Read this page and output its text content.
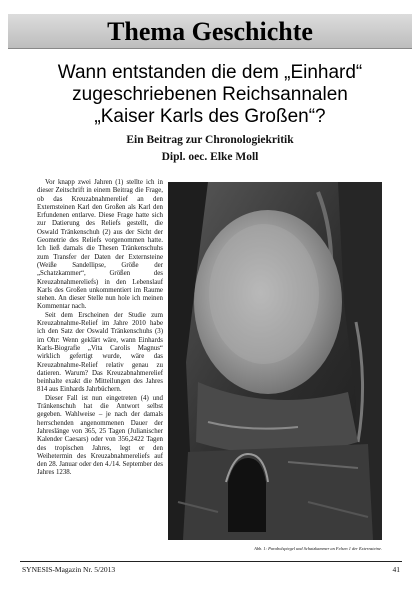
Thema Geschichte
Wann entstanden die dem „Einhard“
zugeschriebenen Reichsannalen
„Kaiser Karls des Großen“?
Ein Beitrag zur Chronologiekritik
Dipl. oec. Elke Moll

Vor knapp zwei Jahren (1) stellte ich in dieser Zeitschrift in einem Beitrag die Frage, ob das Kreuzabnahmerelief an den Externsteinen Karl den Großen als Karl den Erfundenen entlarve. Diese Frage hatte sich zur Datierung des Reliefs gestellt, die Oswald Tränkenschuh (2) aus der Sicht der Geometrie des Reliefs vorgenommen hatte. Ich ließ damals die Thesen Tränkenschuhs zum Transfer der Daten der Externsteine (Weiße Sandellipse, Größe der „Schatzkammer“, Größen des Kreuzabnahmereliefs) in den Lebenslauf Karls des Großen unkommentiert im Raume stehen. An dieser Stelle nun hole ich meinen Kommentar nach.

Seit dem Erscheinen der Studie zum Kreuzabnahme-Relief im Jahre 2010 habe ich den Satz der Oswald Tränkenschuhs (3) im Ohr: Wenn geklärt wäre, wann Einhards Karls-Biografie „Vita Carolis Magnus“ wirklich gefertigt wurde, wäre das Kreuzabnahme-Relief relativ genau zu datieren. Warum? Das Kreuzabnahmerelief beinhalte exakt die Mitteilungen des Jahres 814 aus Einhards Jahrbüchern.

Dieser Fall ist nun eingetreten (4) und Tränkenschuh hat die Antwort selbst gegeben. Wahlweise – je nach der damals herrschenden angenommenen Dauer der Jahreslänge von 365, 25 Tagen (Julianischer Kalender Caesars) oder von 356,2422 Tagen des tropischen Jahres, legt er den Weihetermin des Kreuzabnahmereliefs auf den 28. Januar oder den 4./14. September des Jahres 1238.

Abb. 1: Parabolspiegel und Schatzkammer an Felsen 1 der Externsteine.
SYNESIS-Magazin Nr. 5/2013	41
